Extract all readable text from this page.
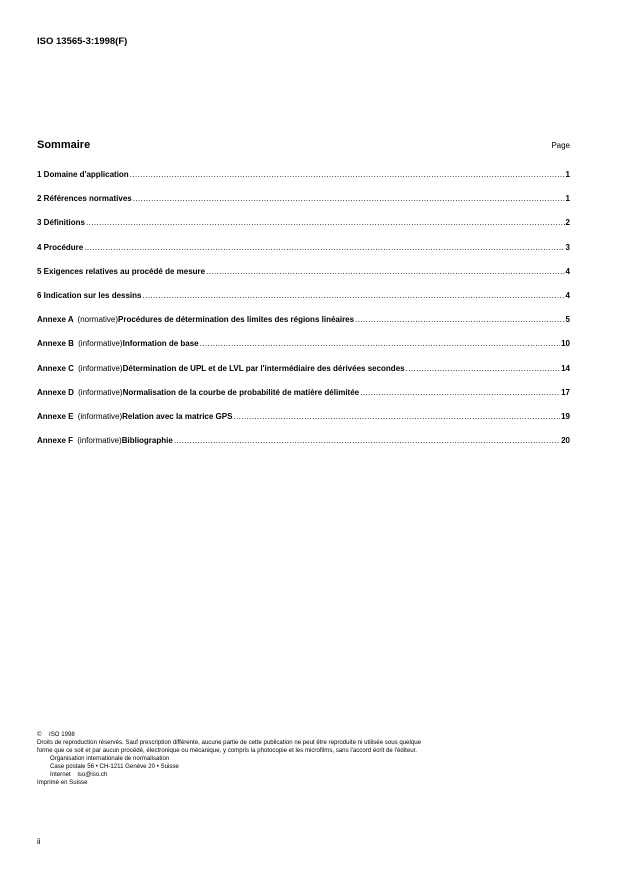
ISO 13565-3:1998(F)
Sommaire	Page
1 Domaine d'application .....	1
2 Références normatives .....	1
3 Définitions .....	2
4 Procédure .....	3
5 Exigences relatives au procédé de mesure .....	4
6 Indication sur les dessins .....	4
Annexe A (normative) Procédures de détermination des limites des régions linéaires .....	5
Annexe B (informative) Information de base .....	10
Annexe C (informative) Détermination de UPL et de LVL par l'intermédiaire des dérivées secondes .....	14
Annexe D (informative) Normalisation de la courbe de probabilité de matière délimitée .....	17
Annexe E (informative) Relation avec la matrice GPS .....	19
Annexe F (informative) Bibliographie .....	20
© ISO 1998
Droits de reproduction réservés. Sauf prescription différente, aucune partie de cette publication ne peut être reproduite ni utilisée sous quelque
forme que ce soit et par aucun procédé, électronique ou mécanique, y compris la photocopie et les microfilms, sans l'accord écrit de l'éditeur.
Organisation internationale de normalisation
Case postale 56 • CH-1211 Genève 20 • Suisse
Internet iso@iso.ch
Imprimé en Suisse
ii
